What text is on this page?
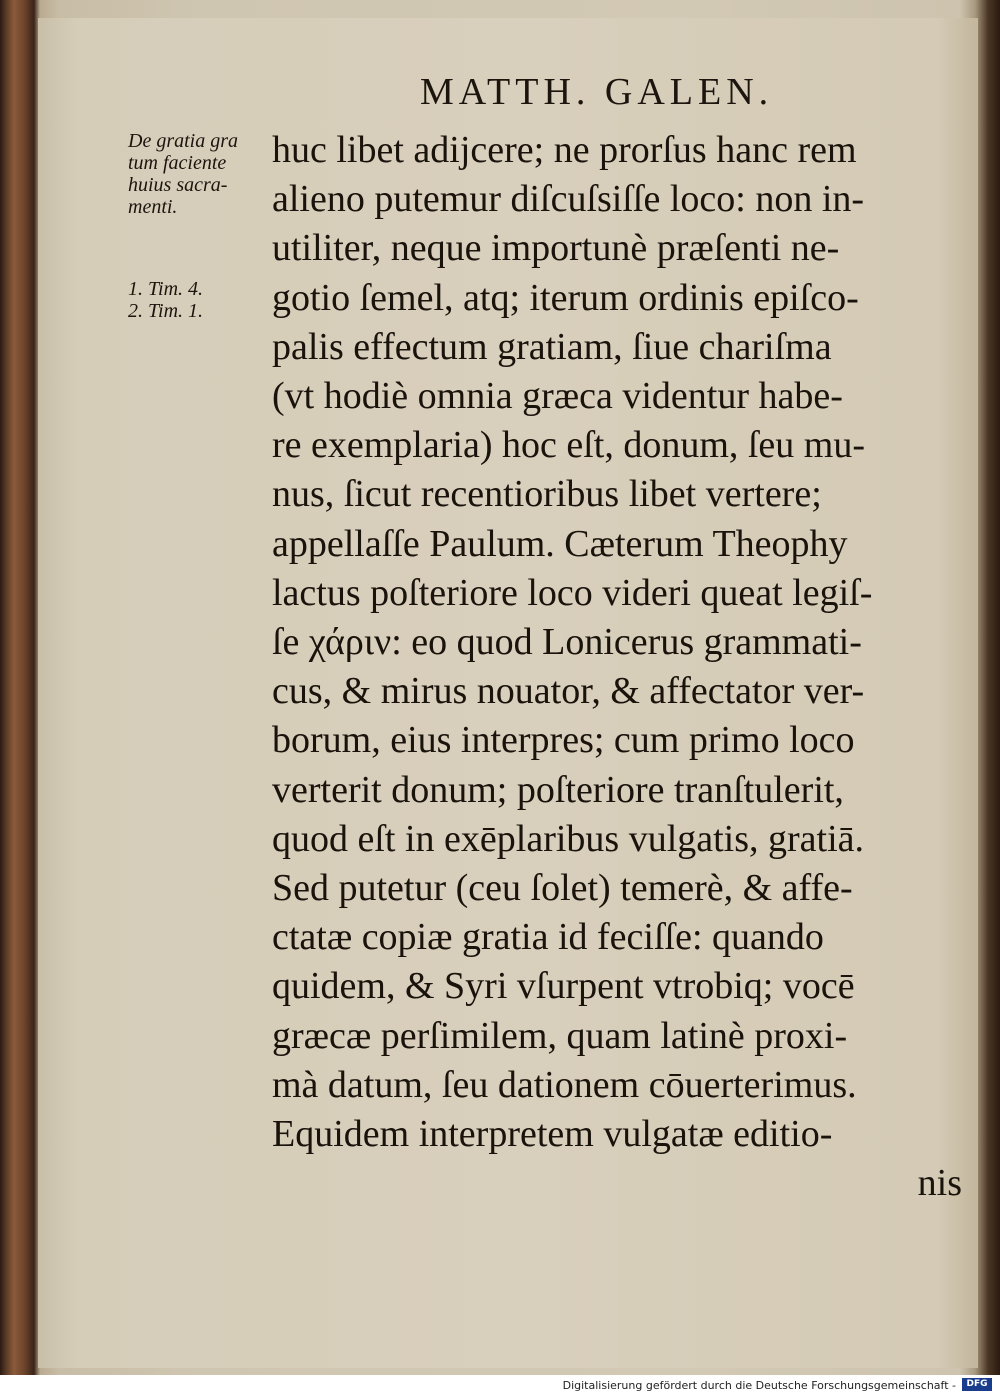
MATTH. GALEN.
De gratia gra
tum faciente
huius sacra-
menti.
1. Tim. 4.
2. Tim. 1.
huc libet adijcere; ne prorſus hanc rem
alieno putemur diſcuſsiſſe loco: non in-
utiliter, neque importunè præſenti ne-
gotio ſemel, atq; iterum ordinis epiſco-
palis effectum gratiam, ſiue chariſma
(vt hodiè omnia græca videntur habe-
re exemplaria) hoc eſt, donum, ſeu mu-
nus, ſicut recentioribus libet vertere;
appellaſſe Paulum. Cæterum Theophy
lactus poſteriore loco videri queat legiſ-
ſe χάριν: eo quod Lonicerus grammati-
cus, & mirus nouator, & affectator ver-
borum, eius interpres; cum primo loco
verterit donum; poſteriore tranſtulerit,
quod eſt in exēplaribus vulgatis, gratiā.
Sed putetur (ceu ſolet) temerè, & affe-
ctatæ copiæ gratia id feciſſe: quando
quidem, & Syri vſurpent vtrobiq; vocē
græcæ perſimilem, quam latinè proxi-
mà datum, ſeu dationem cōuerterimus.
Equidem interpretem vulgatæ editio-
nis
Digitalisierung gefördert durch die Deutsche Forschungsgemeinschaft -	DFG
